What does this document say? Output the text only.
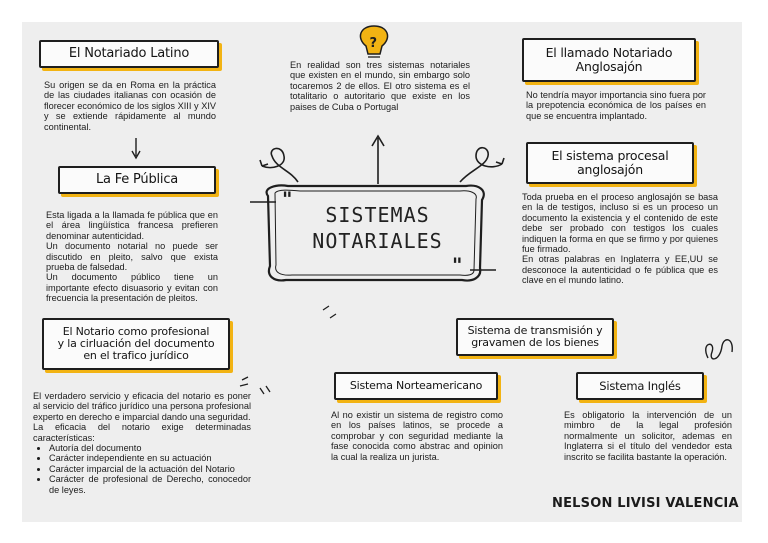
"
"
?
SISTEMAS
NOTARIALES

En realidad son tres sistemas notariales que existen en el mundo, sin embargo solo tocaremos 2 de ellos. El otro sistema es el totalitario o autoritario que existe en los paises de Cuba o Portugal

El Notariado Latino

Su origen se da en Roma en la práctica de las ciudades italianas con ocasión de florecer económico de los siglos XIII y XIV y se extiende rápidamente al mundo continental.

La Fe Pública

Esta ligada a la llamada fe pública que en el área lingüística francesa prefieren denominar autenticidad.

Un documento notarial no puede ser discutido en pleito, salvo que exista prueba de falsedad.

Un documento público tiene un importante efecto disuasorio y evitan con frecuencia la presentación de pleitos.

El Notario como profesional
y la cirluación del documento
en el trafico jurídico

El verdadero servicio y eficacia del notario es poner al servicio del tráfico jurídico una persona profesional experto en derecho e imparcial dando una seguridad.

La eficacia del notario exige determinadas características:

• Autoría del documento
• Carácter independiente en su actuación
• Carácter imparcial de la actuación del Notario
• Carácter de profesional de Derecho, conocedor de leyes.
El llamado Notariado
Anglosajón

No tendría mayor importancia sino fuera por la prepotencia económica de los países en que se encuentra implantado.

El sistema procesal
anglosajón

Toda prueba en el proceso anglosajón se basa en la de testigos, incluso si es un proceso un documento la existencia y el contenido de este debe ser probado con testigos los cuales indiquen la forma en que se firmo y por quienes fue firmado.

En otras palabras en Inglaterra y EE,UU se desconoce la autenticidad o fe pública que es clave en el mundo latino.

Sistema de transmisión y
gravamen de los bienes
Sistema Norteamericano

Al no existir un sistema de registro como en los países latinos, se procede a comprobar y con seguridad mediante la fase conocida como abstrac and opinion la cual la realiza un jurista.

Sistema Inglés

Es obligatorio la intervención de un mimbro de la legal profesión normalmente un solicitor, ademas en Inglaterra si el título del vendedor esta inscrito se facilita bastante la operación.

NELSON LIVISI VALENCIA
